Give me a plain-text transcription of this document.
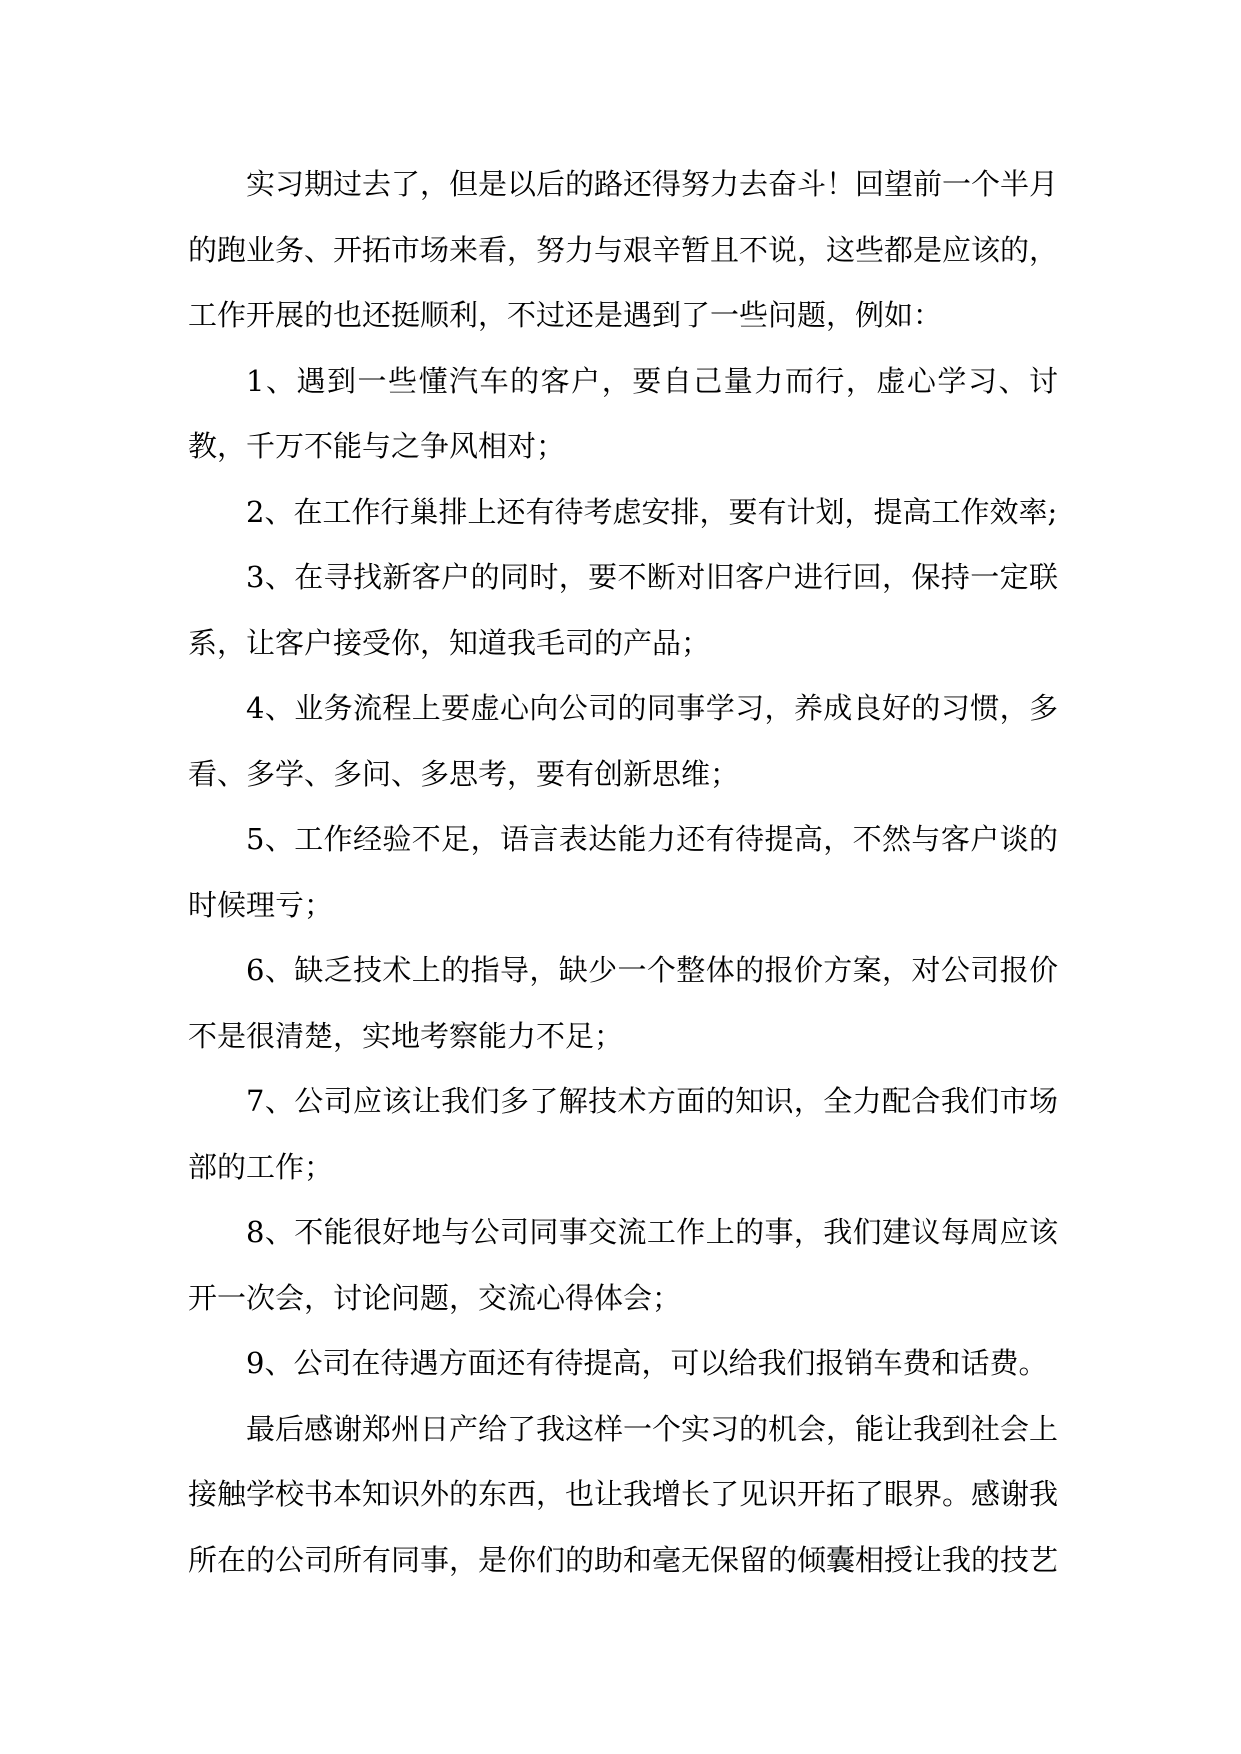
实习期过去了，但是以后的路还得努力去奋斗！回望前一个半月的跑业务、开拓市场来看，努力与艰辛暂且不说，这些都是应该的，工作开展的也还挺顺利，不过还是遇到了一些问题，例如：

1、遇到一些懂汽车的客户，要自己量力而行，虚心学习、讨教，千万不能与之争风相对；

2、在工作行巢排上还有待考虑安排，要有计划，提高工作效率;

3、在寻找新客户的同时，要不断对旧客户进行回，保持一定联系，让客户接受你，知道我毛司的产品；

4、业务流程上要虚心向公司的同事学习，养成良好的习惯，多看、多学、多问、多思考，要有创新思维；

5、工作经验不足，语言表达能力还有待提高，不然与客户谈的时候理亏；

6、缺乏技术上的指导，缺少一个整体的报价方案，对公司报价不是很清楚，实地考察能力不足；

7、公司应该让我们多了解技术方面的知识，全力配合我们市场部的工作；

8、不能很好地与公司同事交流工作上的事，我们建议每周应该开一次会，讨论问题，交流心得体会；

9、公司在待遇方面还有待提高，可以给我们报销车费和话费。

最后感谢郑州日产给了我这样一个实习的机会，能让我到社会上接触学校书本知识外的东西，也让我增长了见识开拓了眼界。感谢我所在的公司所有同事，是你们的助和毫无保留的倾囊相授让我的技艺
